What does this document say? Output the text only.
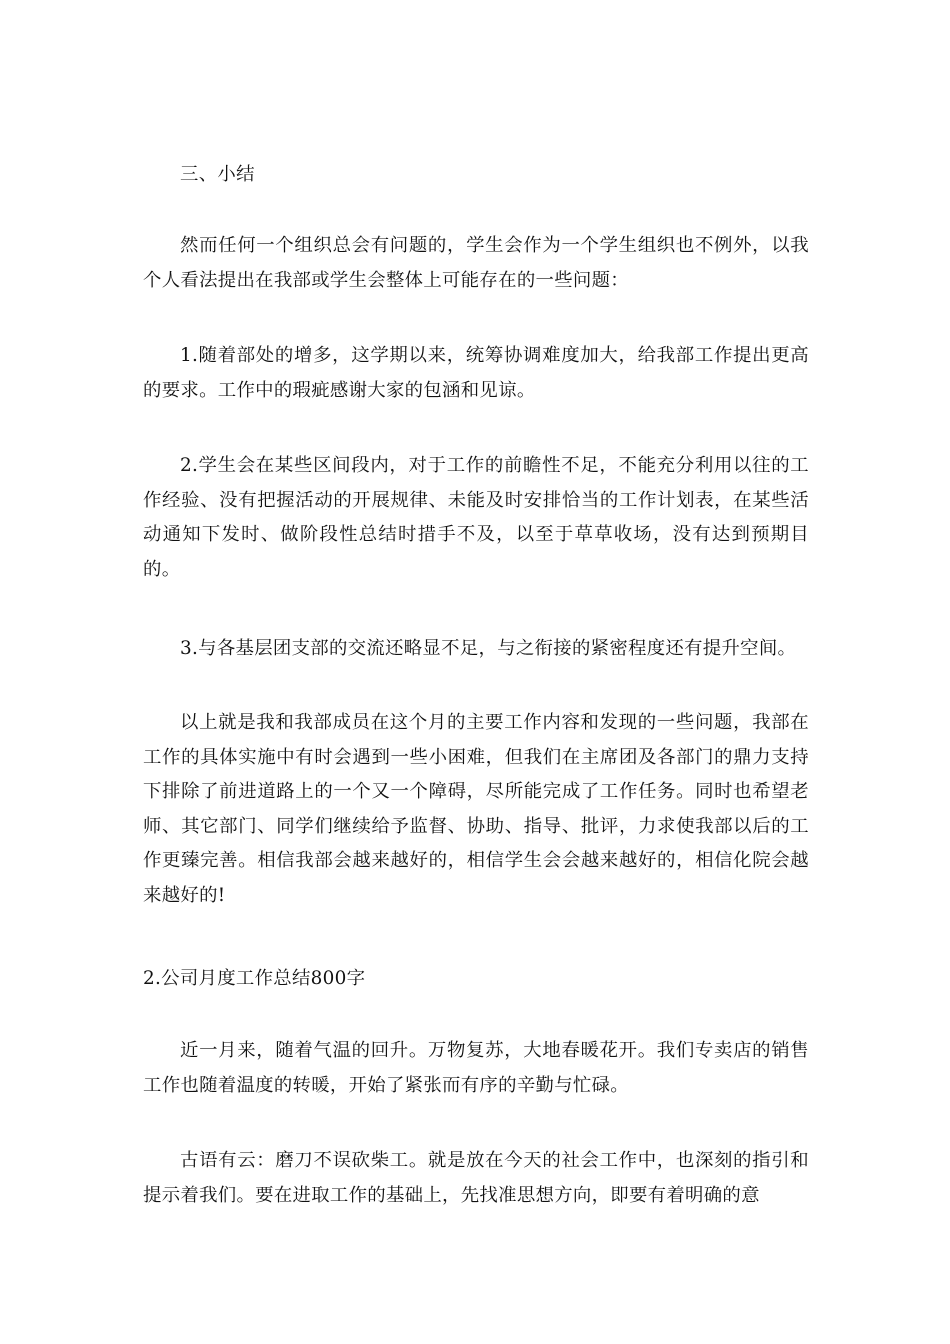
三、小结

然而任何一个组织总会有问题的，学生会作为一个学生组织也不例外，以我个人看法提出在我部或学生会整体上可能存在的一些问题：

1.随着部处的增多，这学期以来，统筹协调难度加大，给我部工作提出更高的要求。工作中的瑕疵感谢大家的包涵和见谅。

2.学生会在某些区间段内，对于工作的前瞻性不足，不能充分利用以往的工作经验、没有把握活动的开展规律、未能及时安排恰当的工作计划表，在某些活动通知下发时、做阶段性总结时措手不及，以至于草草收场，没有达到预期目的。

3.与各基层团支部的交流还略显不足，与之衔接的紧密程度还有提升空间。

以上就是我和我部成员在这个月的主要工作内容和发现的一些问题，我部在工作的具体实施中有时会遇到一些小困难，但我们在主席团及各部门的鼎力支持下排除了前进道路上的一个又一个障碍，尽所能完成了工作任务。同时也希望老师、其它部门、同学们继续给予监督、协助、指导、批评，力求使我部以后的工作更臻完善。相信我部会越来越好的，相信学生会会越来越好的，相信化院会越来越好的!

2.公司月度工作总结800字

近一月来，随着气温的回升。万物复苏，大地春暖花开。我们专卖店的销售工作也随着温度的转暖，开始了紧张而有序的辛勤与忙碌。

古语有云：磨刀不误砍柴工。就是放在今天的社会工作中，也深刻的指引和提示着我们。要在进取工作的基础上，先找准思想方向，即要有着明确的意
